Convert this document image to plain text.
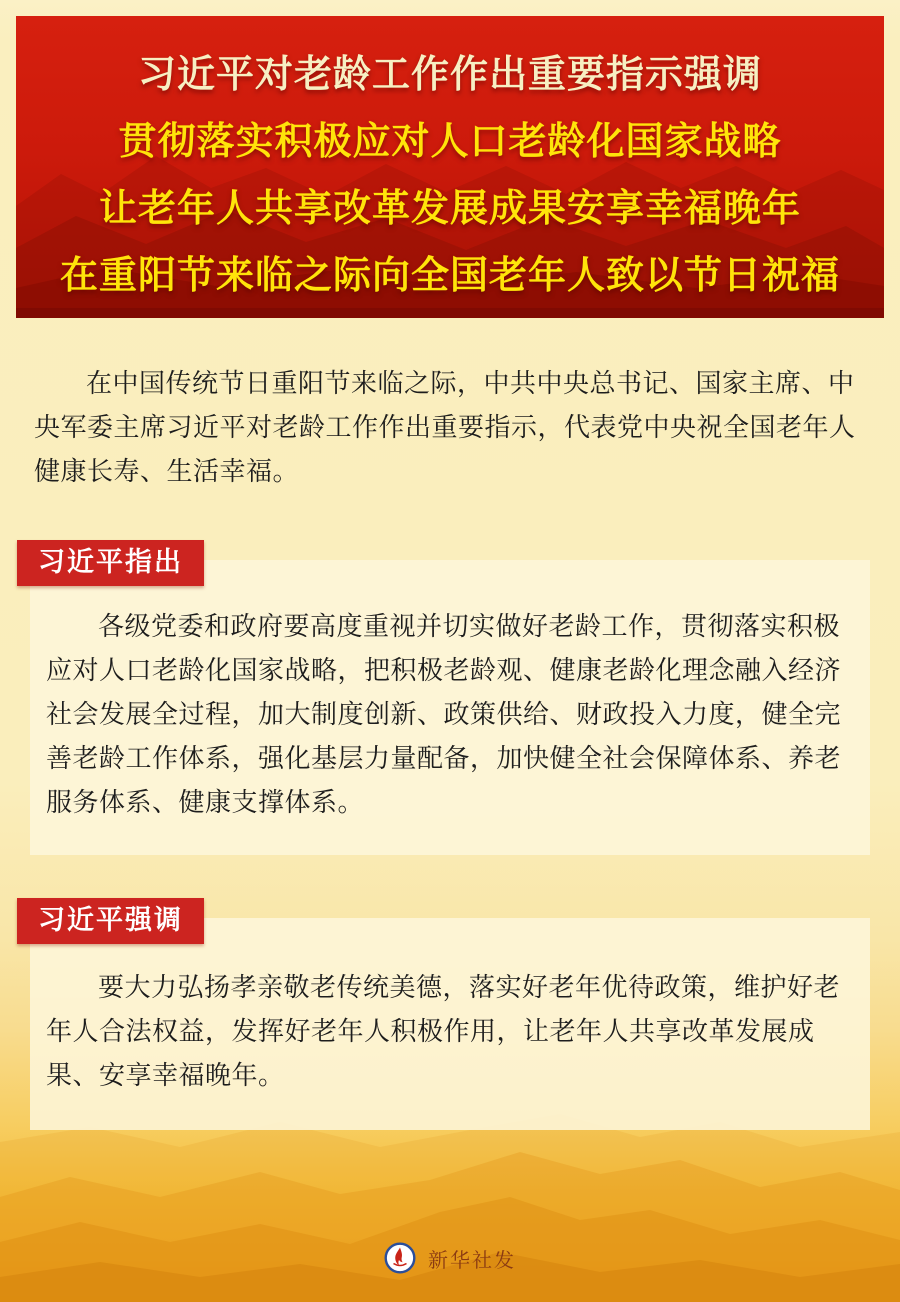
习近平对老龄工作作出重要指示强调
贯彻落实积极应对人口老龄化国家战略
让老年人共享改革发展成果安享幸福晚年
在重阳节来临之际向全国老年人致以节日祝福

在中国传统节日重阳节来临之际，中共中央总书记、国家主席、中央军委主席习近平对老龄工作作出重要指示，代表党中央祝全国老年人健康长寿、生活幸福。

习近平指出
各级党委和政府要高度重视并切实做好老龄工作，贯彻落实积极应对人口老龄化国家战略，把积极老龄观、健康老龄化理念融入经济社会发展全过程，加大制度创新、政策供给、财政投入力度，健全完善老龄工作体系，强化基层力量配备，加快健全社会保障体系、养老服务体系、健康支撑体系。
习近平强调
要大力弘扬孝亲敬老传统美德，落实好老年优待政策，维护好老年人合法权益，发挥好老年人积极作用，让老年人共享改革发展成果、安享幸福晚年。
新华社发
